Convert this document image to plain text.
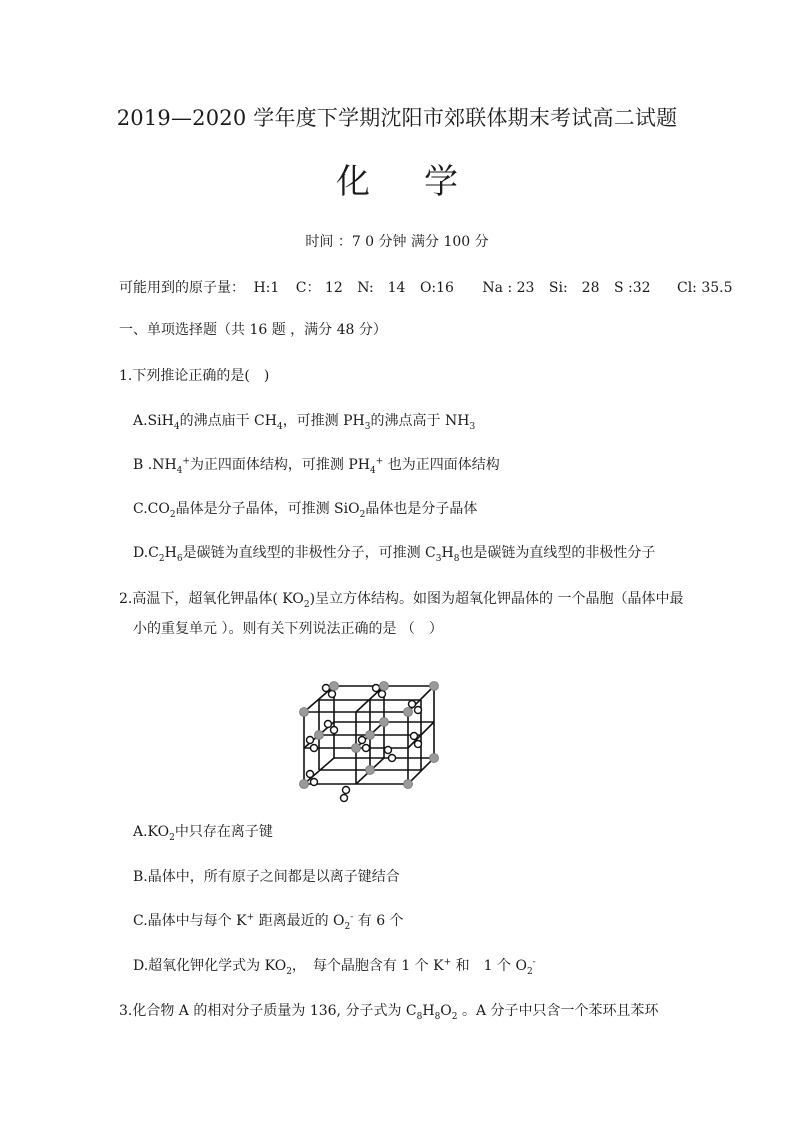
2019—2020 学年度下学期沈阳市郊联体期末考试高二试题
化学
时间 ：7 0 分钟 满分 100 分
可能用到的原子量： H:1 C： 12 N:　14 O:16 Na : 23 Si:　28 S :32 Cl: 35.5
一、单项选择题（共 16 题 ，满分 48 分）
1.下列推论正确的是(　)
A.SiH$_4$的沸点庙干 $CH_4$，可推测 $PH_3$的沸点高于 $NH_3$
B $.NH_4^+$为正四面体结构，可推测 $PH_4^+$ 也为正四面体结构
$C.CO_2$晶体是分子晶体，可推测 SiO$_2$晶体也是分子晶体
$D.C_2H_6$是碳链为直线型的非极性分子，可推测 $C_3H_8$也是碳链为直线型的非极性分子
2.高温下，超氧化钾晶体( $KO_2$)呈立方体结构。如图为超氧化钾晶体的 一个晶胞（晶体中最
小的重复单元 ）。则有关下列说法正确的是 （　）
$A.KO_2$中只存在离子键
B.晶体中，所有原子之间都是以离子键结合
C.晶体中与每个 K+ 距离最近的 $O_2^-$ 有 6 个
D.超氧化钾化学式为 $KO_2$，　每个晶胞含有 1 个 K+ 和　1 个 $O_2^-$
3.化合物 A 的相对分子质量为 136, 分子式为 $C_8H_8O_2$ 。A 分子中只含一个苯环且苯环
